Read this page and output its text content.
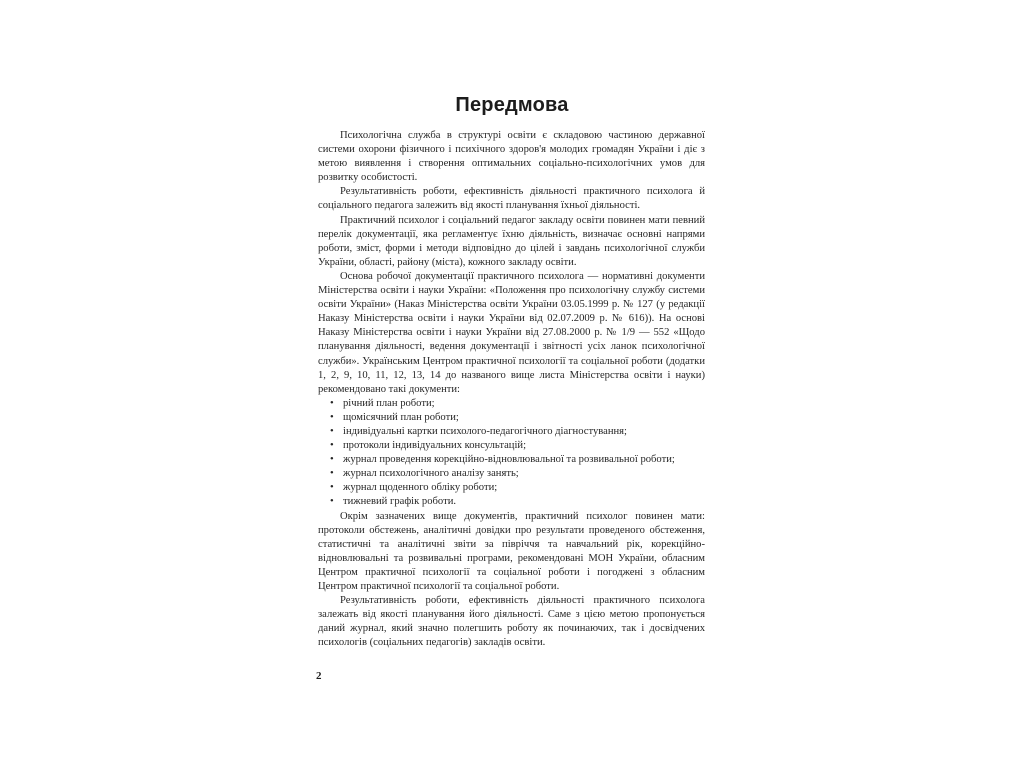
Передмова

Психологічна служба в структурі освіти є складовою частиною державної системи охорони фізичного і психічного здоров'я молодих громадян України і діє з метою виявлення і створення оптимальних соціально-психологічних умов для розвитку особистості.

Результативність роботи, ефективність діяльності практичного психолога й соціального педагога залежить від якості планування їхньої діяльності.

Практичний психолог і соціальний педагог закладу освіти повинен мати певний перелік документації, яка регламентує їхню діяльність, визначає основні напрями роботи, зміст, форми і методи відповідно до цілей і завдань психологічної служби України, області, району (міста), кожного закладу освіти.

Основа робочої документації практичного психолога — нормативні документи Міністерства освіти і науки України: «Положення про психологічну службу системи освіти України» (Наказ Міністерства освіти України 03.05.1999 р. № 127 (у редакції Наказу Міністерства освіти і науки України від 02.07.2009 р. № 616)). На основі Наказу Міністерства освіти і науки України від 27.08.2000 р. № 1/9 — 552 «Щодо планування діяльності, ведення документації і звітності усіх ланок психологічної служби». Українським Центром практичної психології та соціальної роботи (додатки 1, 2, 9, 10, 11, 12, 13, 14 до названого вище листа Міністерства освіти і науки) рекомендовано такі документи:

• річний план роботи;
• щомісячний план роботи;
• індивідуальні картки психолого-педагогічного діагностування;
• протоколи індивідуальних консультацій;
• журнал проведення корекційно-відновлювальної та розвивальної роботи;
• журнал психологічного аналізу занять;
• журнал щоденного обліку роботи;
• тижневий графік роботи.

Окрім зазначених вище документів, практичний психолог повинен мати: протоколи обстежень, аналітичні довідки про результати проведеного обстеження, статистичні та аналітичні звіти за півріччя та навчальний рік, корекційно-відновлювальні та розвивальні програми, рекомендовані МОН України, обласним Центром практичної психології та соціальної роботи і погоджені з обласним Центром практичної психології та соціальної роботи.

Результативність роботи, ефективність діяльності практичного психолога залежать від якості планування його діяльності. Саме з цією метою пропонується даний журнал, який значно полегшить роботу як починаючих, так і досвідчених психологів (соціальних педагогів) закладів освіти.

2
